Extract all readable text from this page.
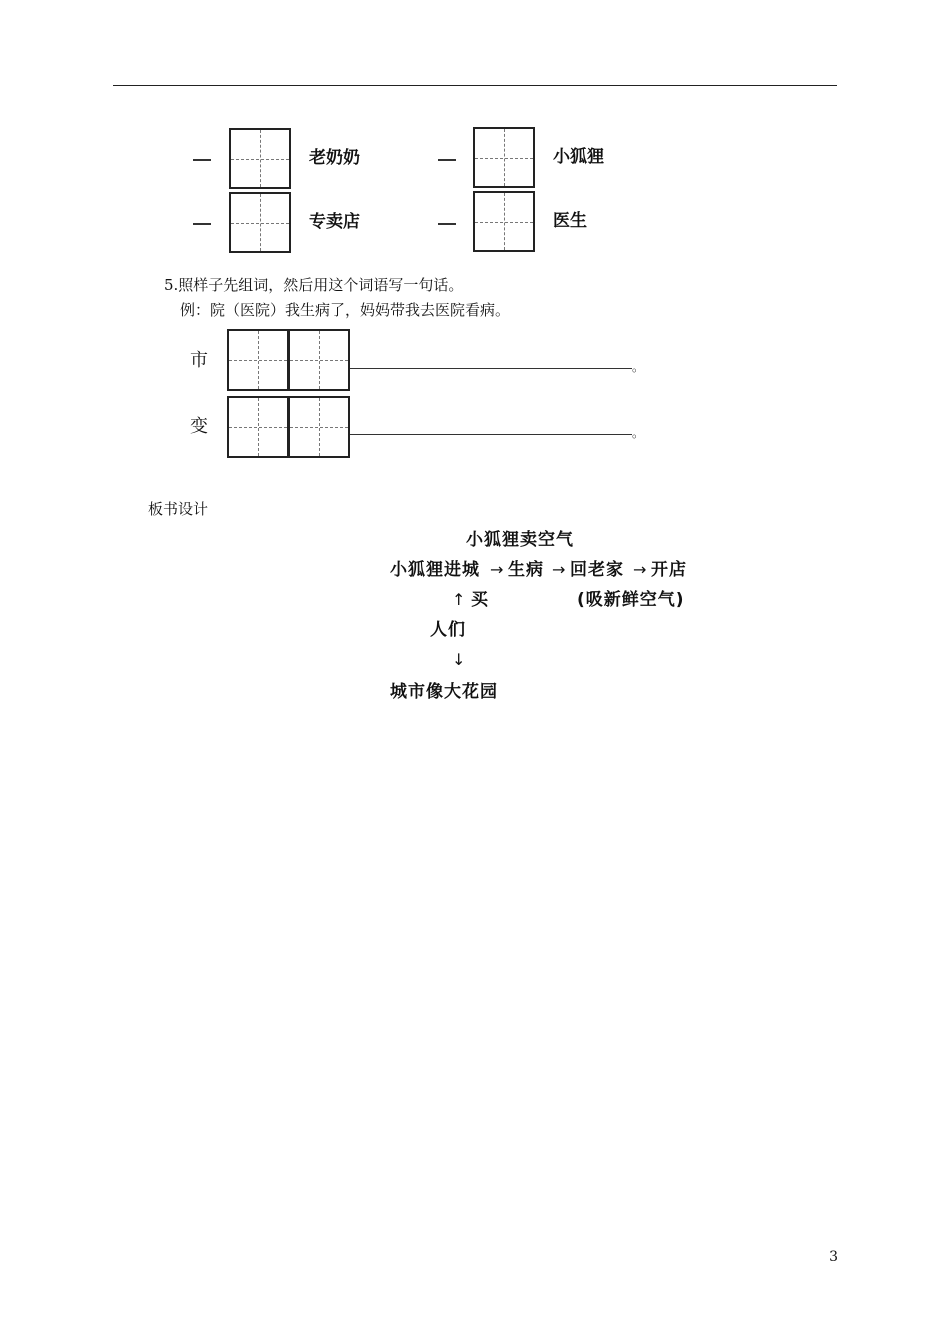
老奶奶	小狐狸
专卖店	医生
5.照样子先组词，然后用这个词语写一句话。
例：院（医院）我生病了，妈妈带我去医院看病。
市	。
变	。
板书设计
小狐狸卖空气
小狐狸进城 → 生病 → 回老家 → 开店
↑ 买	(吸新鲜空气)
人们
↓
城市像大花园
3
